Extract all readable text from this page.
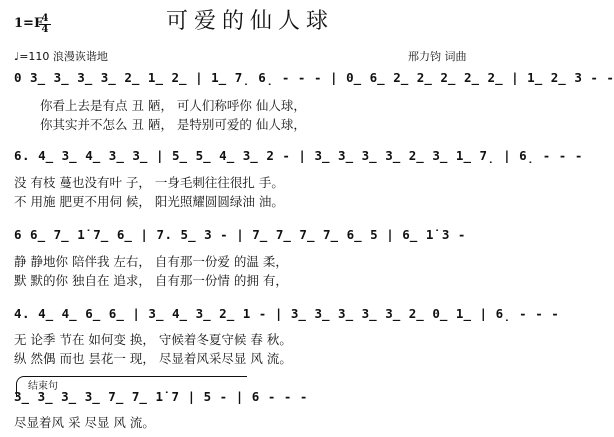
可爱的仙人球
1=F
4
4
♩=110 浪漫诙谐地	邢力钧 词曲
0 3̲ 3̲ 3̲ 3̲ 2̲ 1̲ 2̲ | 1̲ 7̣ 6̣ - - - | 0̲ 6̲ 2̲ 2̲ 2̲ 2̲ 2̲ | 1̲ 2̲ 3 - -
你看上去是有点 丑 陋， 可人们称呼你 仙人球，
你其实并不怎么 丑 陋， 是特别可爱的 仙人球，
6. 4̲ 3̲ 4̲ 3̲ 3̲ | 5̲ 5̲ 4̲ 3̲ 2 - | 3̲ 3̲ 3̲ 3̲ 2̲ 3̲ 1̲ 7̣ | 6̣ - - -
没 有枝 蔓也没有叶 子， 一身毛刺往往很扎 手。
不 用施 肥更不用伺 候， 阳光照耀圆圆绿油 油。
6 6̲ 7̲ 1̇ 7̲ 6̲ | 7. 5̲ 3 - | 7̲ 7̲ 7̲ 7̲ 6̲ 5 | 6̲ 1̇ 3 -
静 静地你 陪伴我 左右， 自有那一份爱 的温 柔，
默 默的你 独自在 追求， 自有那一份情 的拥 有，
4. 4̲ 4̲ 6̲ 6̲ | 3̲ 4̲ 3̲ 2̲ 1 - | 3̲ 3̲ 3̲ 3̲ 3̲ 2̲ 0̲ 1̲ | 6̣ - - -
无 论季 节在 如何变 换， 守候着冬夏守候 春 秋。
纵 然偶 而也 昙花一 现， 尽显着风采尽显 风 流。
结束句
3̲ 3̲ 3̲ 3̲ 7̲ 7̲ 1̇ 7 | 5 - | 6 - - -
尽显着风 采 尽显 风 流。
